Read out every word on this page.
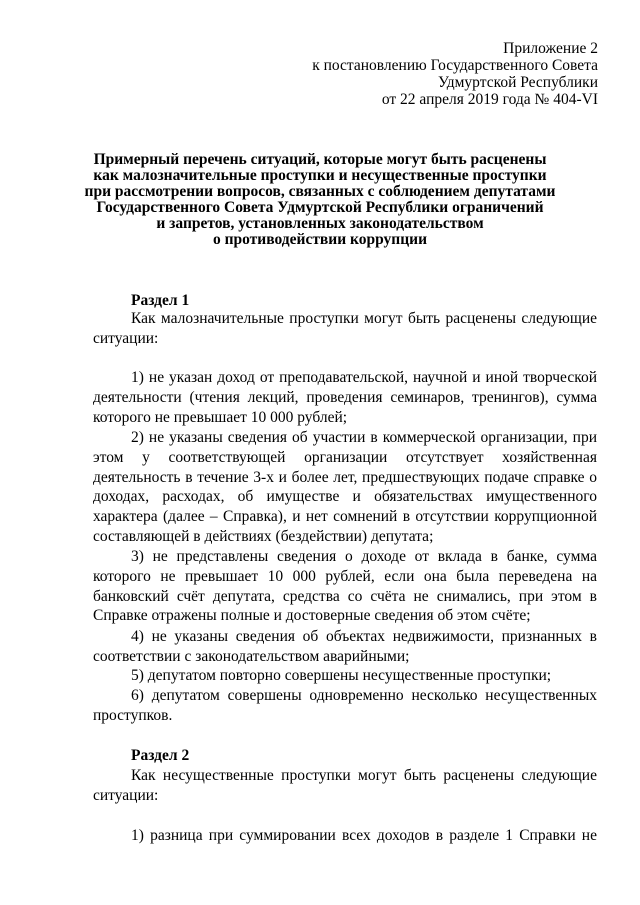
Приложение 2
к постановлению Государственного Совета
Удмуртской Республики
от 22 апреля 2019 года № 404-VI
Примерный перечень ситуаций, которые могут быть расценены
как малозначительные проступки и несущественные проступки
при рассмотрении вопросов, связанных с соблюдением депутатами
Государственного Совета Удмуртской Республики ограничений
и запретов, установленных законодательством
о противодействии коррупции
Раздел 1
Как малозначительные проступки могут быть расценены следующие ситуации:
1) не указан доход от преподавательской, научной и иной творческой деятельности (чтения лекций, проведения семинаров, тренингов), сумма которого не превышает 10 000 рублей;
2) не указаны сведения об участии в коммерческой организации, при этом у соответствующей организации отсутствует хозяйственная деятельность в течение 3-х и более лет, предшествующих подаче справке о доходах, расходах, об имуществе и обязательствах имущественного характера (далее – Справка), и нет сомнений в отсутствии коррупционной составляющей в действиях (бездействии) депутата;
3) не представлены сведения о доходе от вклада в банке, сумма которого не превышает 10 000 рублей, если она была переведена на банковский счёт депутата, средства со счёта не снимались, при этом в Справке отражены полные и достоверные сведения об этом счёте;
4) не указаны сведения об объектах недвижимости, признанных в соответствии с законодательством аварийными;
5) депутатом повторно совершены несущественные проступки;
6) депутатом совершены одновременно несколько несущественных проступков.
Раздел 2
Как несущественные проступки могут быть расценены следующие ситуации:
1) разница при суммировании всех доходов в разделе 1 Справки не
